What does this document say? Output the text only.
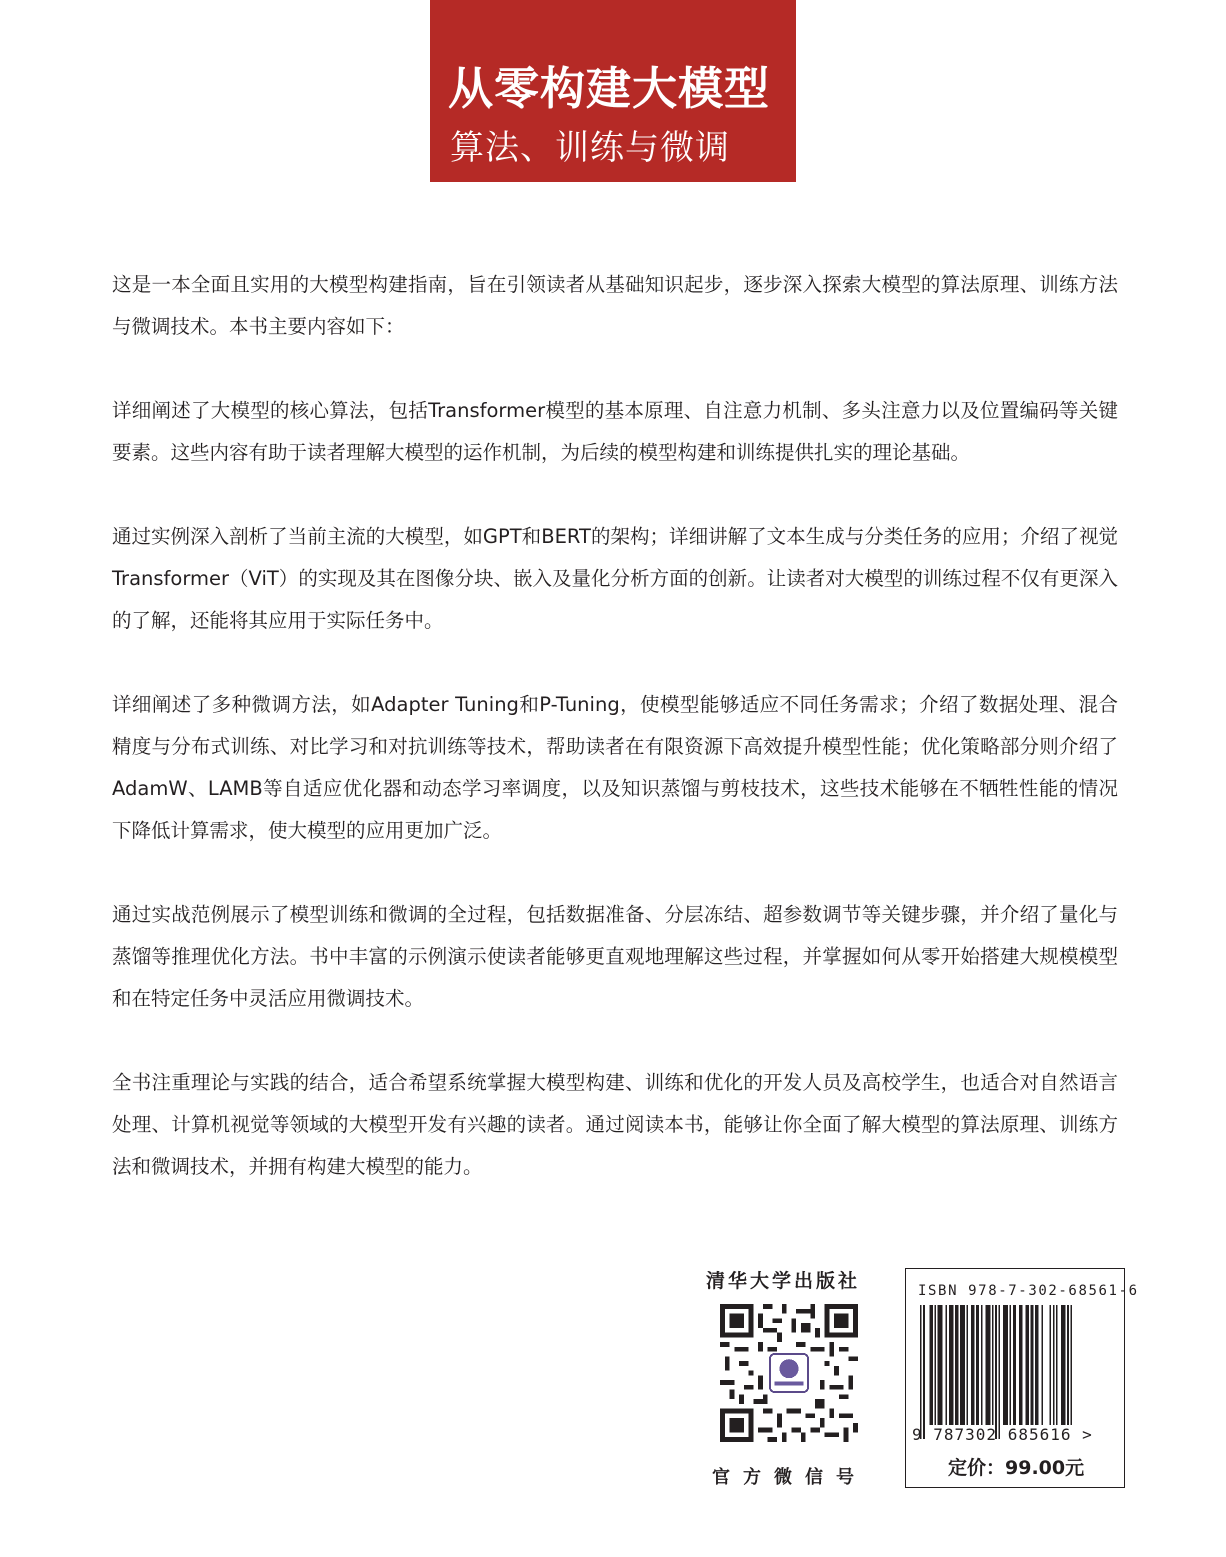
从零构建大模型
算法、训练与微调

这是一本全面且实用的大模型构建指南，旨在引领读者从基础知识起步，逐步深入探索大模型的算法原理、训练方法与微调技术。本书主要内容如下：

详细阐述了大模型的核心算法，包括Transformer模型的基本原理、自注意力机制、多头注意力以及位置编码等关键要素。这些内容有助于读者理解大模型的运作机制，为后续的模型构建和训练提供扎实的理论基础。

通过实例深入剖析了当前主流的大模型，如GPT和BERT的架构；详细讲解了文本生成与分类任务的应用；介绍了视觉Transformer（ViT）的实现及其在图像分块、嵌入及量化分析方面的创新。让读者对大模型的训练过程不仅有更深入的了解，还能将其应用于实际任务中。

详细阐述了多种微调方法，如Adapter Tuning和P-Tuning，使模型能够适应不同任务需求；介绍了数据处理、混合精度与分布式训练、对比学习和对抗训练等技术，帮助读者在有限资源下高效提升模型性能；优化策略部分则介绍了AdamW、LAMB等自适应优化器和动态学习率调度，以及知识蒸馏与剪枝技术，这些技术能够在不牺牲性能的情况下降低计算需求，使大模型的应用更加广泛。

通过实战范例展示了模型训练和微调的全过程，包括数据准备、分层冻结、超参数调节等关键步骤，并介绍了量化与蒸馏等推理优化方法。书中丰富的示例演示使读者能够更直观地理解这些过程，并掌握如何从零开始搭建大规模模型和在特定任务中灵活应用微调技术。

全书注重理论与实践的结合，适合希望系统掌握大模型构建、训练和优化的开发人员及高校学生，也适合对自然语言处理、计算机视觉等领域的大模型开发有兴趣的读者。通过阅读本书，能够让你全面了解大模型的算法原理、训练方法和微调技术，并拥有构建大模型的能力。

清华大学出版社
官方微信号
ISBN 978-7-302-68561-6
9 787302 685616 >
定价：99.00元
